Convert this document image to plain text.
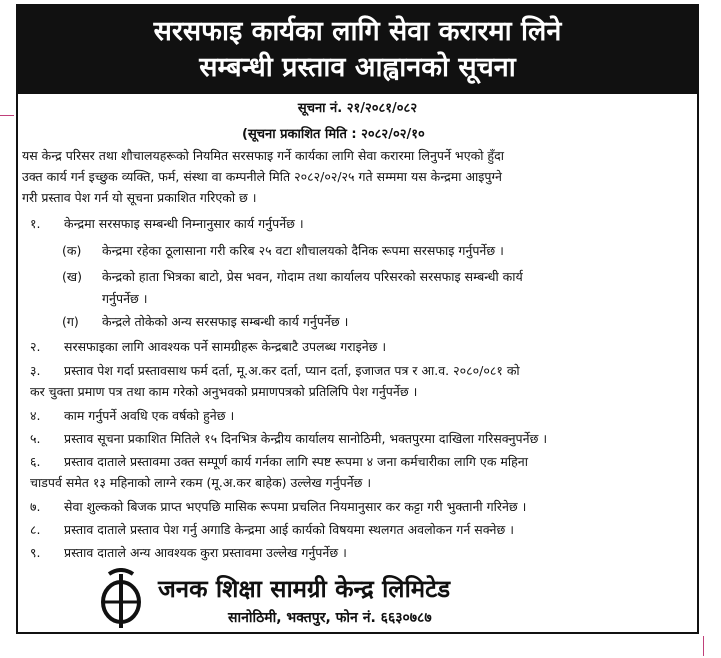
सरसफाइ कार्यका लागि सेवा करारमा लिने
सम्बन्धी प्रस्ताव आह्वानको सूचना
सूचना नं. २१/२०८१/०८२
(सूचना प्रकाशित मिति : २०८२/०२/१०
यस केन्द्र परिसर तथा शौचालयहरूको नियमित सरसफाइ गर्ने कार्यका लागि सेवा करारमा लिनुपर्ने भएको हुँदा
उक्त कार्य गर्न इच्छुक व्यक्ति, फर्म, संस्था वा कम्पनीले मिति २०८२/०२/२५ गते सम्ममा यस केन्द्रमा आइपुग्ने
गरी प्रस्ताव पेश गर्न यो सूचना प्रकाशित गरिएको छ ।
१. केन्द्रमा सरसफाइ सम्बन्धी निम्नानुसार कार्य गर्नुपर्नेछ ।
(क) केन्द्रमा रहेका ठूलासाना गरी करिब २५ वटा शौचालयको दैनिक रूपमा सरसफाइ गर्नुपर्नेछ ।
(ख) केन्द्रको हाता भित्रका बाटो, प्रेस भवन, गोदाम तथा कार्यालय परिसरको सरसफाइ सम्बन्धी कार्य
गर्नुपर्नेछ ।
(ग) केन्द्रले तोकेको अन्य सरसफाइ सम्बन्धी कार्य गर्नुपर्नेछ ।
२. सरसफाइका लागि आवश्यक पर्ने सामग्रीहरू केन्द्रबाटै उपलब्ध गराइनेछ ।
३. प्रस्ताव पेश गर्दा प्रस्तावसाथ फर्म दर्ता, मू.अ.कर दर्ता, प्यान दर्ता, इजाजत पत्र र आ.व. २०८०/०८१ को
कर चुक्ता प्रमाण पत्र तथा काम गरेको अनुभवको प्रमाणपत्रको प्रतिलिपि पेश गर्नुपर्नेछ ।
४. काम गर्नुपर्ने अवधि एक वर्षको हुनेछ ।
५. प्रस्ताव सूचना प्रकाशित मितिले १५ दिनभित्र केन्द्रीय कार्यालय सानोठिमी, भक्तपुरमा दाखिला गरिसक्नुपर्नेछ ।
६. प्रस्ताव दाताले प्रस्तावमा उक्त सम्पूर्ण कार्य गर्नका लागि स्पष्ट रूपमा ४ जना कर्मचारीका लागि एक महिना
चाडपर्व समेत १३ महिनाको लाग्ने रकम (मू.अ.कर बाहेक) उल्लेख गर्नुपर्नेछ ।
७. सेवा शुल्कको बिजक प्राप्त भएपछि मासिक रूपमा प्रचलित नियमानुसार कर कट्टा गरी भुक्तानी गरिनेछ ।
८. प्रस्ताव दाताले प्रस्ताव पेश गर्नु अगाडि केन्द्रमा आई कार्यको विषयमा स्थलगत अवलोकन गर्न सक्नेछ ।
९. प्रस्ताव दाताले अन्य आवश्यक कुरा प्रस्तावमा उल्लेख गर्नुपर्नेछ ।
जनक शिक्षा सामग्री केन्द्र लिमिटेड
सानोठिमी, भक्तपुर, फोन नं. ६६३०७८७
